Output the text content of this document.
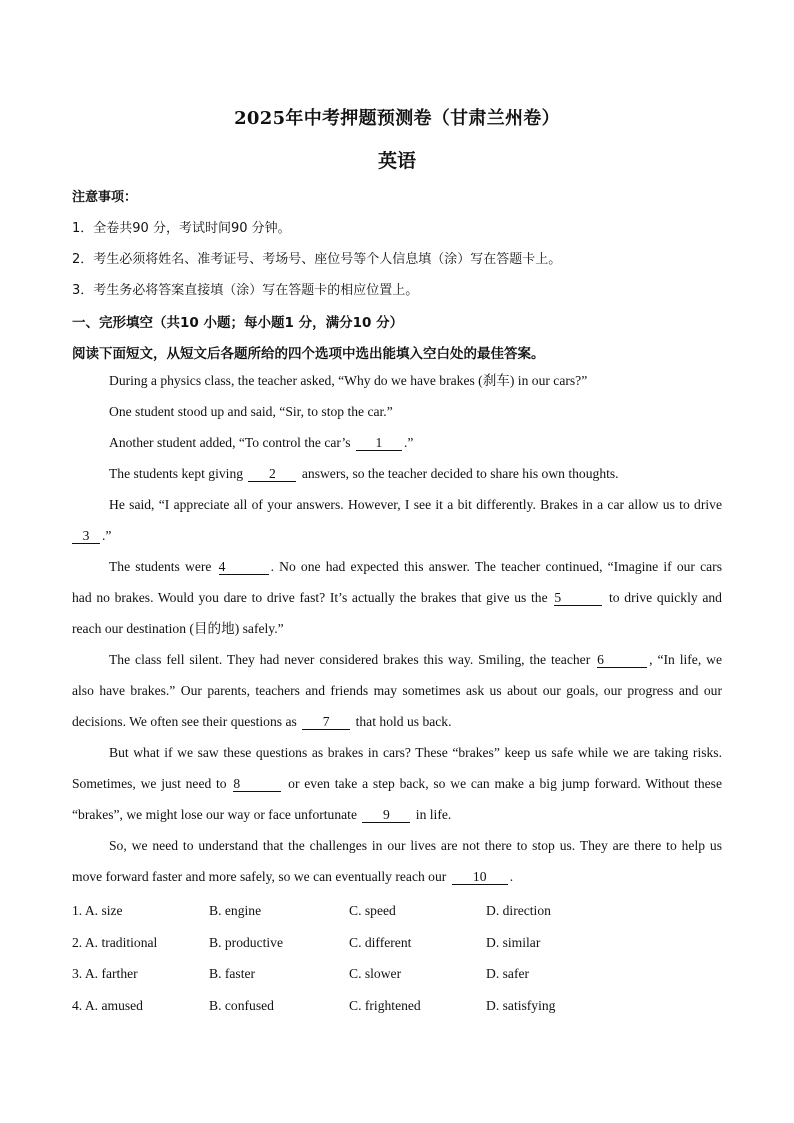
2025年中考押题预测卷（甘肃兰州卷）
英语
注意事项：
1．全卷共90 分，考试时间90 分钟。
2．考生必须将姓名、准考证号、考场号、座位号等个人信息填（涂）写在答题卡上。
3．考生务必将答案直接填（涂）写在答题卡的相应位置上。
一、完形填空（共10 小题；每小题1 分，满分10 分）
阅读下面短文，从短文后各题所给的四个选项中选出能填入空白处的最佳答案。
During a physics class, the teacher asked, “Why do we have brakes (刹车) in our cars?”
One student stood up and said, “Sir, to stop the car.”
Another student added, “To control the car’s 1 .”
The students kept giving 2 answers, so the teacher decided to share his own thoughts.
He said, “I appreciate all of your answers. However, I see it a bit differently. Brakes in a car allow us to drive
3 .”
The students were 4	. No one had expected this answer. The teacher continued, “Imagine if our cars
had no brakes. Would you dare to drive fast? It’s actually the brakes that give us the 5	to drive quickly and
reach our destination (目的地) safely.”
The class fell silent. They had never considered brakes this way. Smiling, the teacher 6	, “In life, we
also have brakes.” Our parents, teachers and friends may sometimes ask us about our goals, our progress and our
decisions. We often see their questions as 7 that hold us back.
But what if we saw these questions as brakes in cars? These “brakes” keep us safe while we are taking risks.
Sometimes, we just need to 8	or even take a step back, so we can make a big jump forward. Without these
“brakes”, we might lose our way or face unfortunate 9 in life.
So, we need to understand that the challenges in our lives are not there to stop us. They are there to help us
move forward faster and more safely, so we can eventually reach our 10 .
1. A. size	B. engine	C. speed	D. direction
2. A. traditional	B. productive	C. different	D. similar
3. A. farther	B. faster	C. slower	D. safer
4. A. amused	B. confused	C. frightened	D. satisfying
